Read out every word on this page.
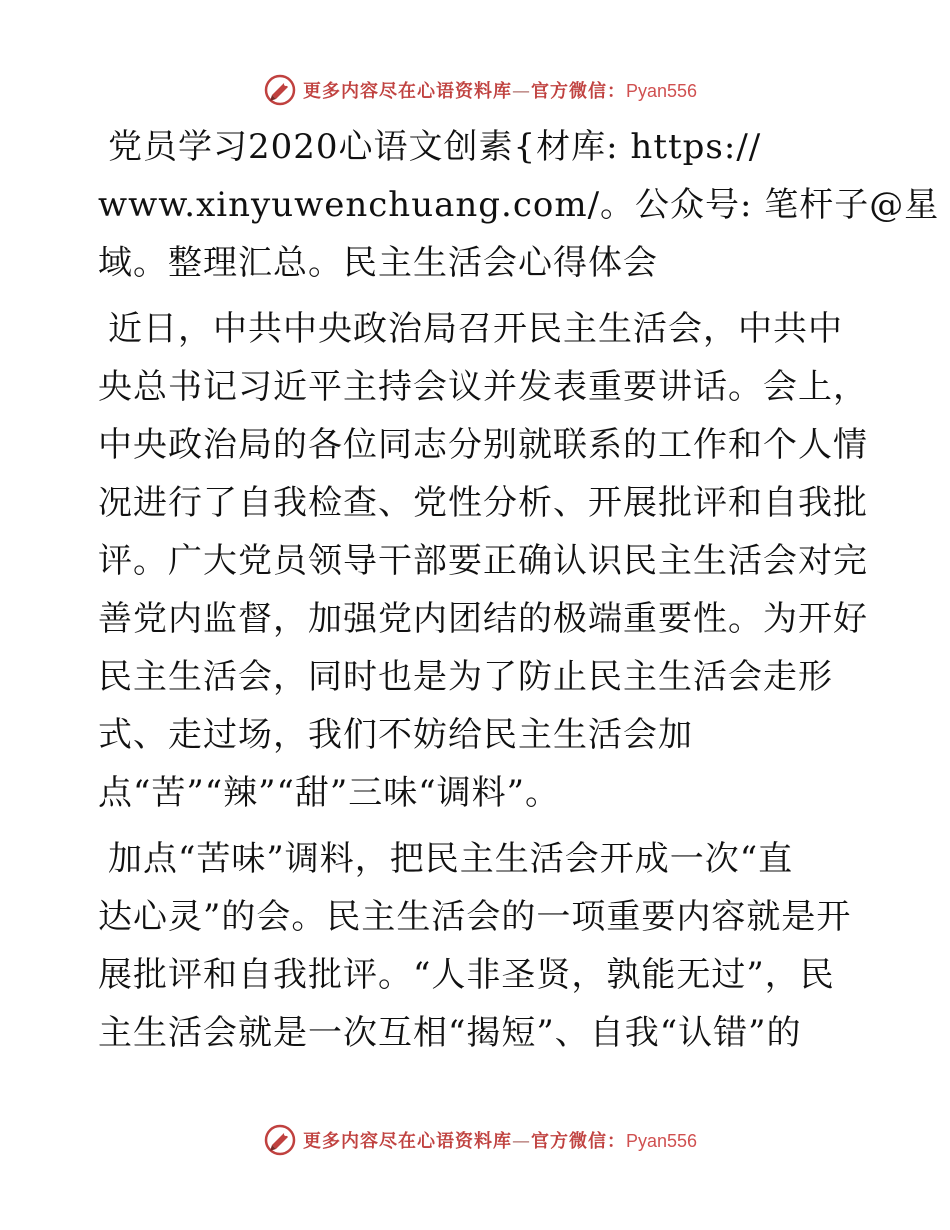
更多内容尽在心语资料库—官方微信：Pyan556

党员学习2020心语文创素{材库: https://
www.xinyuwenchuang.com/。公众号: 笔杆子@星
域。整理汇总。民主生活会心得体会

近日，中共中央政治局召开民主生活会，中共中
央总书记习近平主持会议并发表重要讲话。会上，
中央政治局的各位同志分别就联系的工作和个人情
况进行了自我检查、党性分析、开展批评和自我批
评。广大党员领导干部要正确认识民主生活会对完
善党内监督，加强党内团结的极端重要性。为开好
民主生活会，同时也是为了防止民主生活会走形
式、走过场，我们不妨给民主生活会加
点“苦”“辣”“甜”三味“调料”。

加点“苦味”调料，把民主生活会开成一次“直
达心灵”的会。民主生活会的一项重要内容就是开
展批评和自我批评。“人非圣贤，孰能无过”，民
主生活会就是一次互相“揭短”、自我“认错”的

更多内容尽在心语资料库—官方微信：Pyan556
